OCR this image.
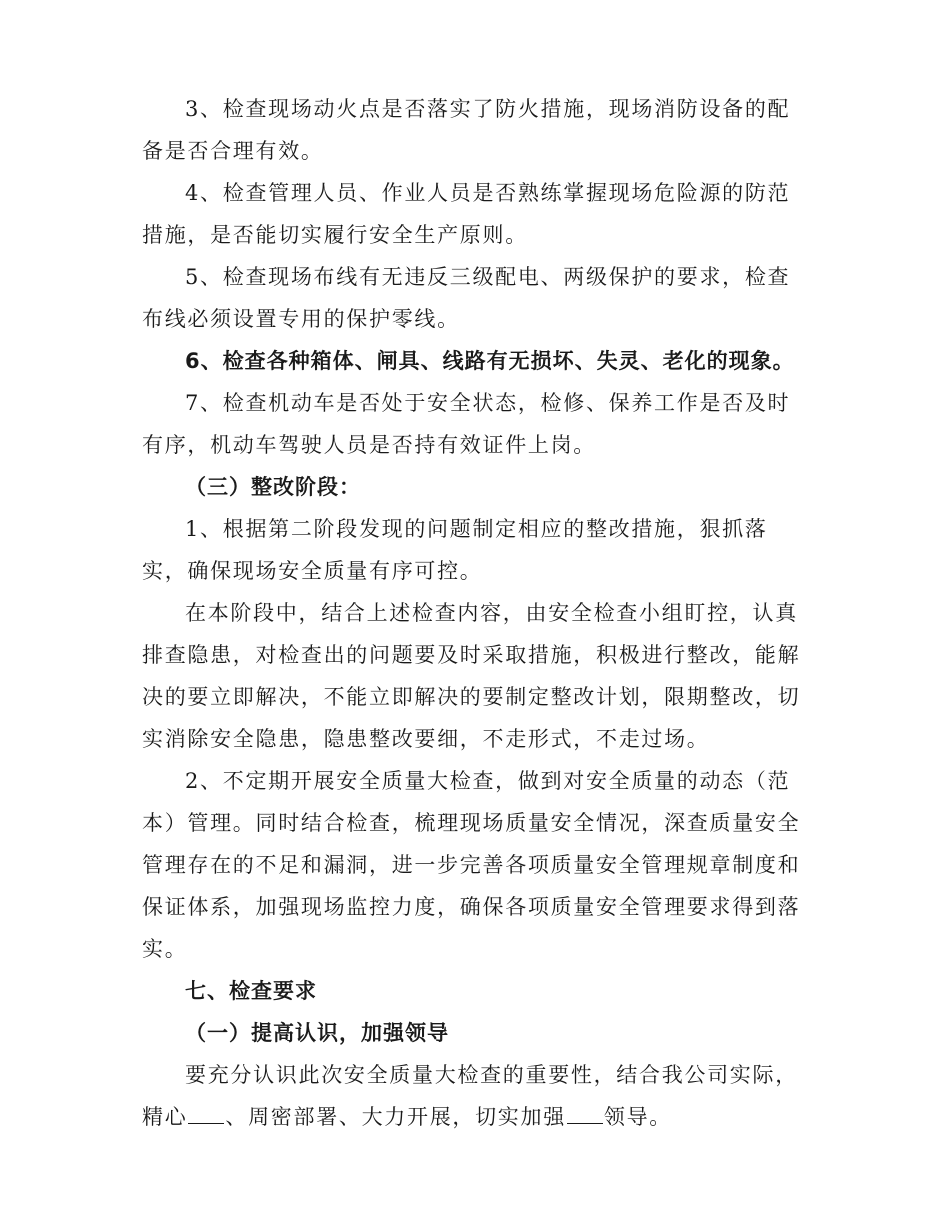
3、检查现场动火点是否落实了防火措施，现场消防设备的配备是否合理有效。

4、检查管理人员、作业人员是否熟练掌握现场危险源的防范措施，是否能切实履行安全生产原则。

5、检查现场布线有无违反三级配电、两级保护的要求，检查布线必须设置专用的保护零线。

6、检查各种箱体、闸具、线路有无损坏、失灵、老化的现象。

7、检查机动车是否处于安全状态，检修、保养工作是否及时有序，机动车驾驶人员是否持有效证件上岗。

（三）整改阶段：

1、根据第二阶段发现的问题制定相应的整改措施，狠抓落实，确保现场安全质量有序可控。

在本阶段中，结合上述检查内容，由安全检查小组盯控，认真排查隐患，对检查出的问题要及时采取措施，积极进行整改，能解决的要立即解决，不能立即解决的要制定整改计划，限期整改，切实消除安全隐患，隐患整改要细，不走形式，不走过场。

2、不定期开展安全质量大检查，做到对安全质量的动态（范本）管理。同时结合检查，梳理现场质量安全情况，深查质量安全管理存在的不足和漏洞，进一步完善各项质量安全管理规章制度和保证体系，加强现场监控力度，确保各项质量安全管理要求得到落实。

七、检查要求

（一）提高认识，加强领导

要充分认识此次安全质量大检查的重要性，结合我公司实际，精心 、周密部署、大力开展，切实加强 领导。
